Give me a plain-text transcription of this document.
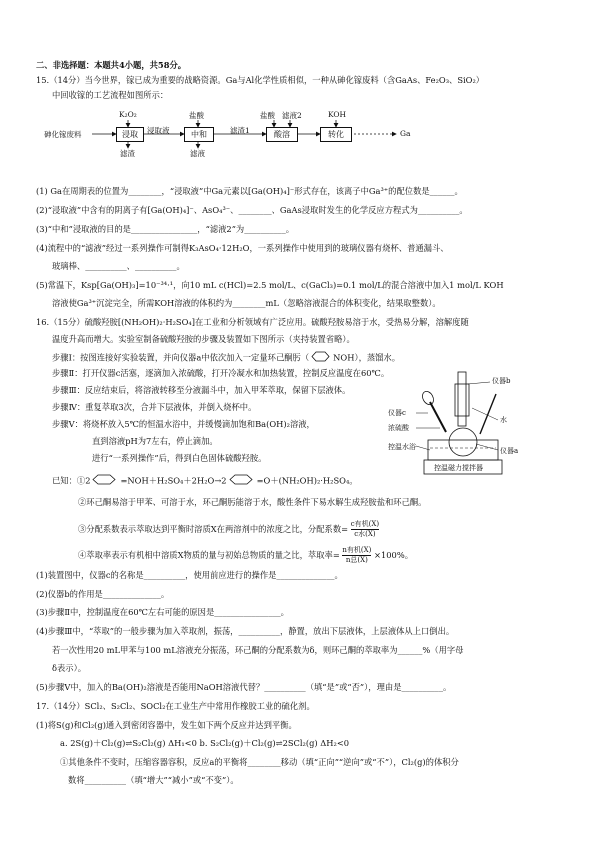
二、非选择题：本题共4小题，共58分。
15.（14分）当今世界，镓已成为重要的战略资源。Ga与Al化学性质相似，一种从砷化镓废料（含GaAs、Fe₂O₃、SiO₂）
中回收镓的工艺流程如图所示：
砷化镓废料	浸取	中和	酸溶	转化
K₂O₂	盐酸	盐酸 滤液2	KOH
浸取液	滤渣1
滤渣	滤液
Ga
(1) Ga在周期表的位置为________，“浸取液”中Ga元素以[Ga(OH)₄]⁻形式存在，该离子中Ga³⁺的配位数是______。
(2)“浸取液”中含有的阴离子有[Ga(OH)₄]⁻、AsO₄³⁻、________、GaAs浸取时发生的化学反应方程式为__________。
(3)“中和”浸取液的目的是________________，“滤液2”为__________。
(4)流程中的“滤液”经过一系列操作可制得K₃AsO₄·12H₂O，一系列操作中使用到的玻璃仪器有烧杯、普通漏斗、
玻璃棒、__________、__________。
(5)常温下，Ksp[Ga(OH)₃]=10⁻³⁴·¹，向10 mL c(HCl)=2.5 mol/L、c(GaCl₃)=0.1 mol/L的混合溶液中加入1 mol/L KOH
溶液使Ga³⁺沉淀完全，所需KOH溶液的体积约为________mL（忽略溶液混合的体积变化，结果取整数）。
16.（15分）硫酸羟胺[(NH₂OH)₂·H₂SO₄]在工业和分析领域有广泛应用。硫酸羟胺易溶于水，受热易分解，溶解度随
温度升高而增大。实验室制备硫酸羟胺的步骤及装置如下图所示（夹持装置省略）。
步骤Ⅰ：按图连接好实验装置，并向仪器a中依次加入一定量环己酮肟（	NOH），蒸馏水。
步骤Ⅱ：打开仪器c活塞，逐滴加入浓硫酸，打开冷凝水和加热装置，控制反应温度在60℃。
步骤Ⅲ：反应结束后，将溶液转移至分液漏斗中，加入甲苯萃取，保留下层液体。
步骤Ⅳ：重复萃取3次，合并下层液体，并倒入烧杯中。
步骤Ⅴ：将烧杯放入5℃的恒温水浴中，并缓慢滴加饱和Ba(OH)₂溶液，
直到溶液pH为7左右，停止滴加。
进行“一系列操作”后，得到白色固体硫酸羟胺。
仪器b
仪器c
浓硫酸
水
控温水浴	仪器a
控温磁力搅拌器
已知：①2	=NOH＋H₂SO₄＋2H₂O→2	=O＋(NH₂OH)₂·H₂SO₄。
②环己酮易溶于甲苯、可溶于水，环己酮肟能溶于水，酸性条件下易水解生成羟胺盐和环己酮。
③分配系数表示萃取达到平衡时溶质X在两溶剂中的浓度之比，分配系数= c有机(X)
c水(X)
④萃取率表示有机相中溶质X物质的量与初始总物质的量之比，萃取率= n有机(X)
n总(X) ×100%。
(1)装置图中，仪器c的名称是__________，使用前应进行的操作是______________。
(2)仪器b的作用是______________。
(3)步骤Ⅱ中，控制温度在60℃左右可能的原因是________________。
(4)步骤Ⅲ中，“萃取”的一般步骤为加入萃取剂，振荡，__________，静置，放出下层液体，上层液体从上口倒出。
若一次性用20 mL甲苯与100 mL溶液充分振荡，环己酮的分配系数为δ，则环己酮的萃取率为______%（用字母
δ表示）。
(5)步骤Ⅴ中，加入的Ba(OH)₂溶液是否能用NaOH溶液代替？__________（填“是”或“否”），理由是__________。
17.（14分）SCl₂、S₂Cl₂、SOCl₂在工业生产中常用作橡胶工业的硫化剂。
(1)将S(g)和Cl₂(g)通入到密闭容器中，发生如下两个反应并达到平衡。
a. 2S(g)＋Cl₂(g)⇌S₂Cl₂(g) ΔH₁<0 b. S₂Cl₂(g)＋Cl₂(g)⇌2SCl₂(g) ΔH₂<0
①其他条件不变时，压缩容器容积，反应a的平衡将________移动（填“正向”“逆向”或“不”），Cl₂(g)的体积分
数将__________（填“增大”“减小”或“不变”）。
